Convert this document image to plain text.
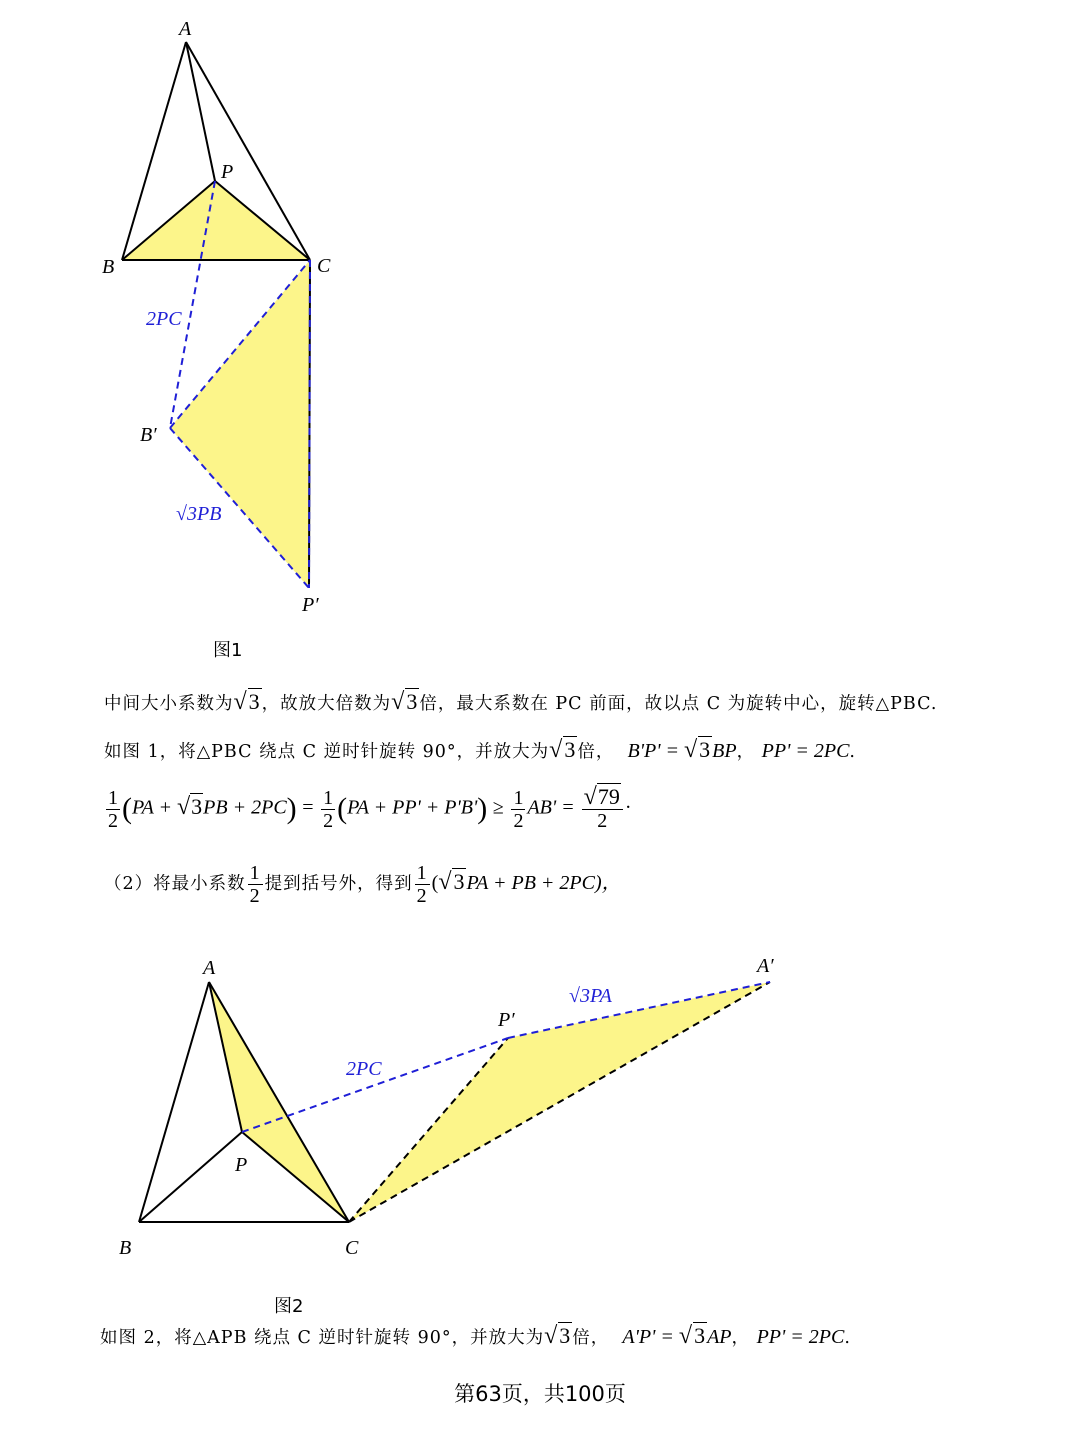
A
P
B	C
B′
P′
2PC
√3PB
图1
中间大小系数为√3，故放大倍数为√3倍，最大系数在 PC 前面，故以点 C 为旋转中心，旋转△PBC.
如图 1，将△PBC 绕点 C 逆时针旋转 90°，并放大为√3倍， B'P' = √3BP， PP' = 2PC.
$\frac{1}{2} (PA + √3PB + 2PC) = \frac{1}{2} (PA + PP' + P'B') \ge \frac{1}{2} AB' = \frac{√79}{2}$ ·
（2）将最小系数 $\frac{1}{2}$ 提到括号外，得到 $\frac{1}{2} (√3PA$ + PB + 2PC)，
A
P
B	C
A′
P′
2PC
√3PA
图2
如图 2，将△APB 绕点 C 逆时针旋转 90°，并放大为√3倍， A'P' = √3AP， PP' = 2PC.
第63页，共100页
